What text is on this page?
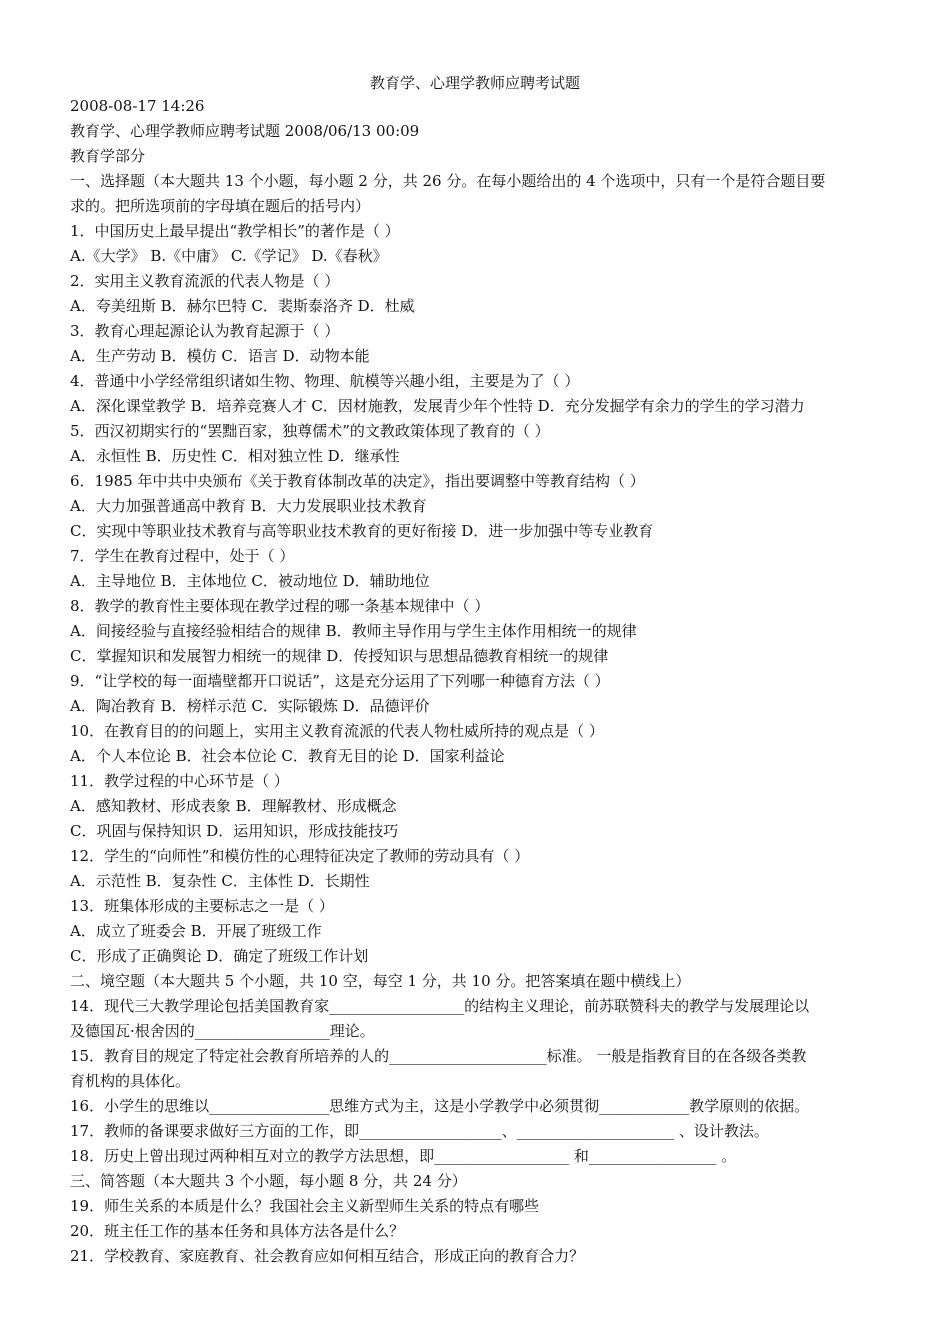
教育学、心理学教师应聘考试题
2008-08-17 14:26
教育学、心理学教师应聘考试题 2008/06/13 00:09
教育学部分
一、选择题（本大题共 13 个小题，每小题 2 分，共 26 分。在每小题给出的 4 个选项中，只有一个是符合题目要
求的。把所选项前的字母填在题后的括号内）
1．中国历史上最早提出“教学相长”的著作是（ ）
A.《大学》 B.《中庸》 C.《学记》 D.《春秋》
2．实用主义教育流派的代表人物是（ ）
A．夸美纽斯 B．赫尔巴特 C．裴斯泰洛齐 D．杜威
3．教育心理起源论认为教育起源于（ ）
A．生产劳动 B．模仿 C．语言 D．动物本能
4．普通中小学经常组织诸如生物、物理、航模等兴趣小组，主要是为了（ ）
A．深化课堂教学 B．培养竞赛人才 C．因材施教，发展青少年个性特 D．充分发掘学有余力的学生的学习潜力
5．西汉初期实行的“罢黜百家，独尊儒术”的文教政策体现了教育的（ ）
A．永恒性 B．历史性 C．相对独立性 D．继承性
6．1985 年中共中央颁布《关于教育体制改革的决定》，指出要调整中等教育结构（ ）
A．大力加强普通高中教育 B．大力发展职业技术教育
C．实现中等职业技术教育与高等职业技术教育的更好衔接 D．进一步加强中等专业教育
7．学生在教育过程中，处于（ ）
A．主导地位 B．主体地位 C．被动地位 D．辅助地位
8．教学的教育性主要体现在教学过程的哪一条基本规律中（ ）
A．间接经验与直接经验相结合的规律 B．教师主导作用与学生主体作用相统一的规律
C．掌握知识和发展智力相统一的规律 D．传授知识与思想品德教育相统一的规律
9．“让学校的每一面墙壁都开口说话”，这是充分运用了下列哪一种德育方法（ ）
A．陶冶教育 B．榜样示范 C．实际锻炼 D．品德评价
10．在教育目的的问题上，实用主义教育流派的代表人物杜威所持的观点是（ ）
A．个人本位论 B．社会本位论 C．教育无目的论 D．国家利益论
11．教学过程的中心环节是（ ）
A．感知教材、形成表象 B．理解教材、形成概念
C．巩固与保持知识 D．运用知识，形成技能技巧
12．学生的“向师性”和模仿性的心理特征决定了教师的劳动具有（ ）
A．示范性 B．复杂性 C．主体性 D．长期性
13．班集体形成的主要标志之一是（ ）
A．成立了班委会 B．开展了班级工作
C．形成了正确舆论 D．确定了班级工作计划
二、境空题（本大题共 5 个小题，共 10 空，每空 1 分，共 10 分。把答案填在题中横线上）
14．现代三大教学理论包括美国教育家__________________的结构主义理论，前苏联赞科夫的教学与发展理论以
及德国瓦·根舍因的__________________理论。
15．教育目的规定了特定社会教育所培养的人的_____________________标准。 一般是指教育目的在各级各类教
育机构的具体化。
16．小学生的思维以________________思维方式为主，这是小学教学中必须贯彻____________教学原则的依据。
17．教师的备课要求做好三方面的工作，即___________________、_____________________ 、设计教法。
18．历史上曾出现过两种相互对立的教学方法思想，即__________________ 和_________________ 。
三、简答题（本大题共 3 个小题，每小题 8 分，共 24 分）
19．师生关系的本质是什么？我国社会主义新型师生关系的特点有哪些
20．班主任工作的基本任务和具体方法各是什么？
21．学校教育、家庭教育、社会教育应如何相互结合，形成正向的教育合力？
